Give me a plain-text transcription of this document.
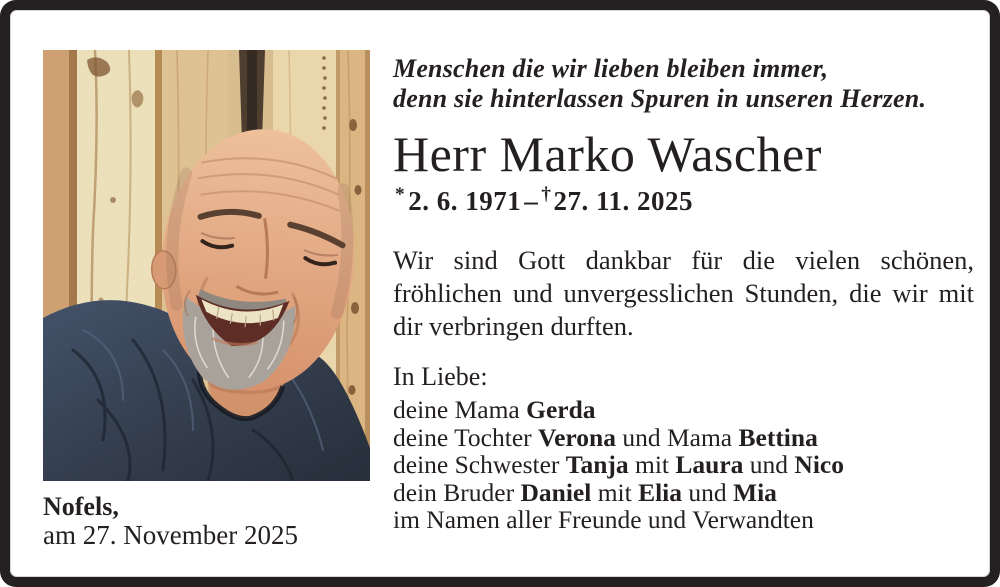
Menschen die wir lieben bleiben immer,
denn sie hinterlassen Spuren in unseren Herzen.
Herr Marko Wascher
* 2. 6. 1971 – †27. 11. 2025

Wir sind Gott dankbar für die vielen schönen, fröhlichen und unvergesslichen Stunden, die wir mit dir verbringen durften.

In Liebe:
deine Mama Gerda
deine Tochter Verona und Mama Bettina
deine Schwester Tanja mit Laura und Nico
dein Bruder Daniel mit Elia und Mia
im Namen aller Freunde und Verwandten
Nofels,
am 27. November 2025
